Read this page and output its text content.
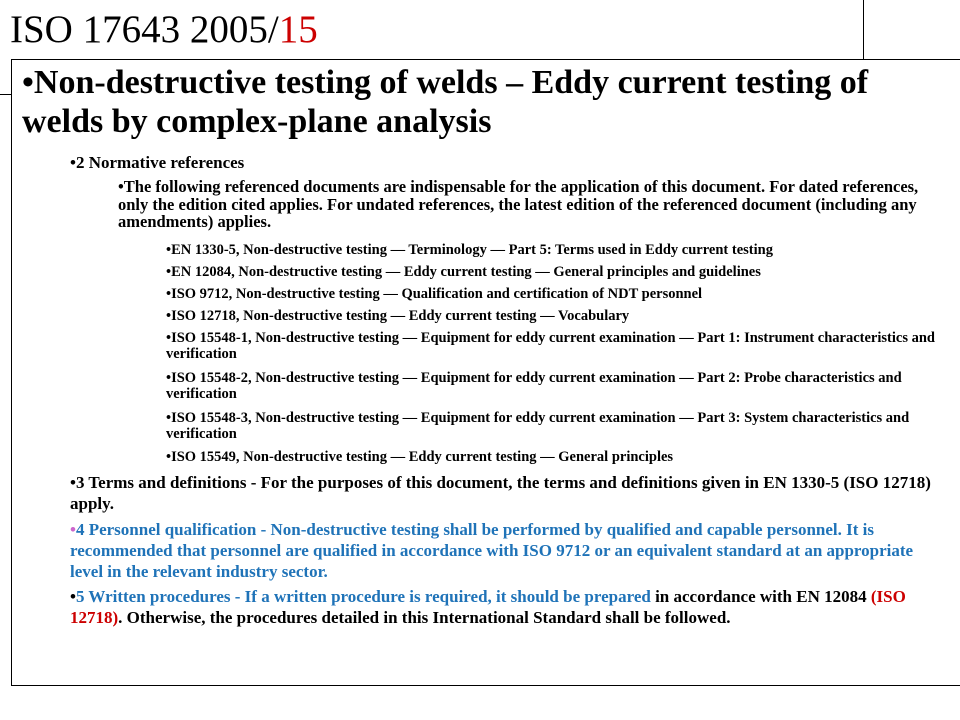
ISO 17643 2005/15
•Non-destructive testing of welds – Eddy current testing of welds by complex-plane analysis

•2 Normative references

•The following referenced documents are indispensable for the application of this document. For dated references, only the edition cited applies. For undated references, the latest edition of the referenced document (including any amendments) applies.

•EN 1330-5, Non-destructive testing — Terminology — Part 5: Terms used in Eddy current testing

•EN 12084, Non-destructive testing — Eddy current testing — General principles and guidelines

•ISO 9712, Non-destructive testing — Qualification and certification of NDT personnel

•ISO 12718, Non-destructive testing — Eddy current testing — Vocabulary

•ISO 15548-1, Non-destructive testing — Equipment for eddy current examination — Part 1: Instrument characteristics and verification

•ISO 15548-2, Non-destructive testing — Equipment for eddy current examination — Part 2: Probe characteristics and verification

•ISO 15548-3, Non-destructive testing — Equipment for eddy current examination — Part 3: System characteristics and verification

•ISO 15549, Non-destructive testing — Eddy current testing — General principles

•3 Terms and definitions - For the purposes of this document, the terms and definitions given in EN 1330-5 (ISO 12718) apply.

•4 Personnel qualification - Non-destructive testing shall be performed by qualified and capable personnel. It is recommended that personnel are qualified in accordance with ISO 9712 or an equivalent standard at an appropriate level in the relevant industry sector.

•5 Written procedures - If a written procedure is required, it should be prepared in accordance with EN 12084 (ISO 12718). Otherwise, the procedures detailed in this International Standard shall be followed.
